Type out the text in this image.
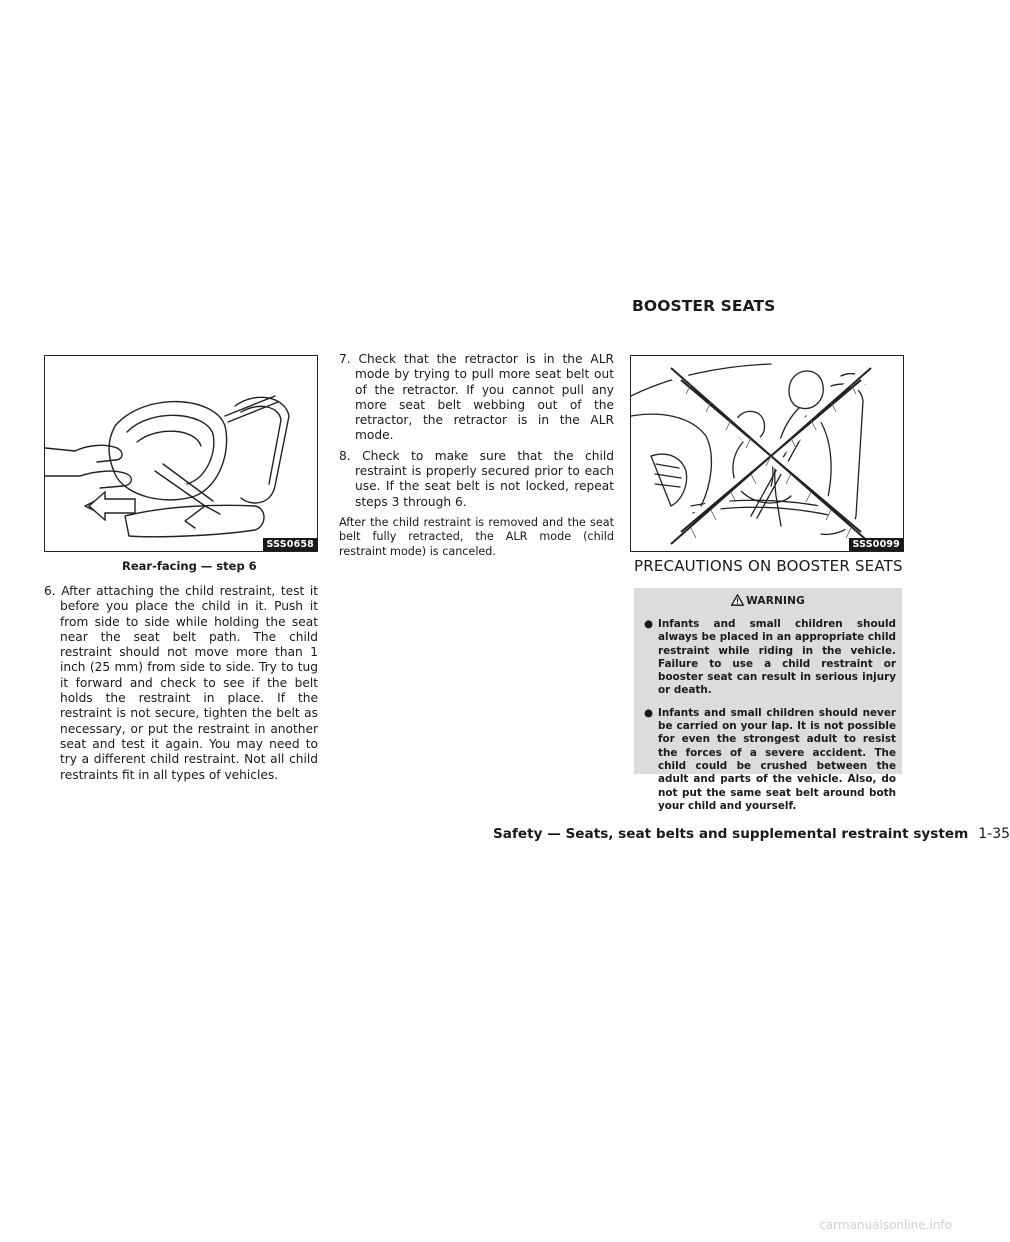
BOOSTER SEATS
SSS0658
Rear-facing — step 6
6. After attaching the child restraint, test it before you place the child in it. Push it from side to side while holding the seat near the seat belt path. The child restraint should not move more than 1 inch (25 mm) from side to side. Try to tug it forward and check to see if the belt holds the restraint in place. If the restraint is not secure, tighten the belt as necessary, or put the restraint in another seat and test it again. You may need to try a different child restraint. Not all child restraints fit in all types of vehicles.
7. Check that the retractor is in the ALR mode by trying to pull more seat belt out of the retractor. If you cannot pull any more seat belt webbing out of the retractor, the retractor is in the ALR mode.
8. Check to make sure that the child restraint is properly secured prior to each use. If the seat belt is not locked, repeat steps 3 through 6.
After the child restraint is removed and the seat belt fully retracted, the ALR mode (child restraint mode) is canceled.
SSS0099
PRECAUTIONS ON BOOSTER SEATS
WARNING
● Infants and small children should always be placed in an appropriate child restraint while riding in the vehicle. Failure to use a child restraint or booster seat can result in serious injury or death.
● Infants and small children should never be carried on your lap. It is not possible for even the strongest adult to resist the forces of a severe accident. The child could be crushed between the adult and parts of the vehicle. Also, do not put the same seat belt around both your child and yourself.
Safety — Seats, seat belts and supplemental restraint system 1-35
carmanualsonline.info
